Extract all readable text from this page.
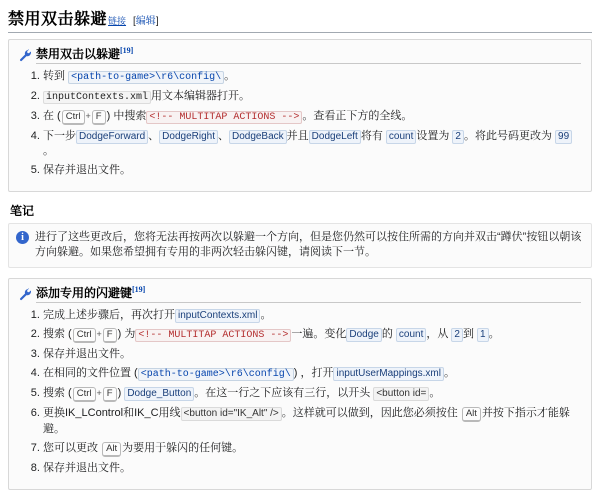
禁用双击躲避 链接 [编辑]
禁用双击以躲避[19]
1. 转到 <path-to-game>\r6\config\ 。
2. inputContexts.xml 用文本编辑器打开。
3. 在 ( Ctrl + F ) 中搜索 <!-- MULTITAP ACTIONS --> 。查看正下方的全线。
4. 下一步 DodgeForward 、 DodgeRight 、 DodgeBack 并且 DodgeLeft 将有 count 设置为 2 。将此号码更改为 99。
5. 保存并退出文件。
笔记
i	进行了这些更改后，您将无法再按两次以躲避一个方向，但是您仍然可以按住所需的方向并双击“蹲伏”按钮以朝该方向躲避。如果您希望拥有专用的非两次轻击躲闪键，请阅读下一节。
添加专用的闪避键[19]
1. 完成上述步骤后，再次打开 inputContexts.xml 。
2. 搜索 ( Ctrl + F ) 为 <!-- MULTITAP ACTIONS --> 一遍。变化 Dodge 的 count ，从 2 到 1 。
3. 保存并退出文件。
4. 在相同的文件位置 ( <path-to-game>\r6\config\ ) ，打开 inputUserMappings.xml 。
5. 搜索 ( Ctrl + F ) Dodge_Button 。在这一行之下应该有三行，以开头 <button id= 。
6. 更换IK_LControl和IK_C用线 <button id="IK_Alt" /> 。这样就可以做到，因此您必须按住 Alt 并按下指示才能躲避。
7. 您可以更改 Alt 为要用于躲闪的任何键。
8. 保存并退出文件。
